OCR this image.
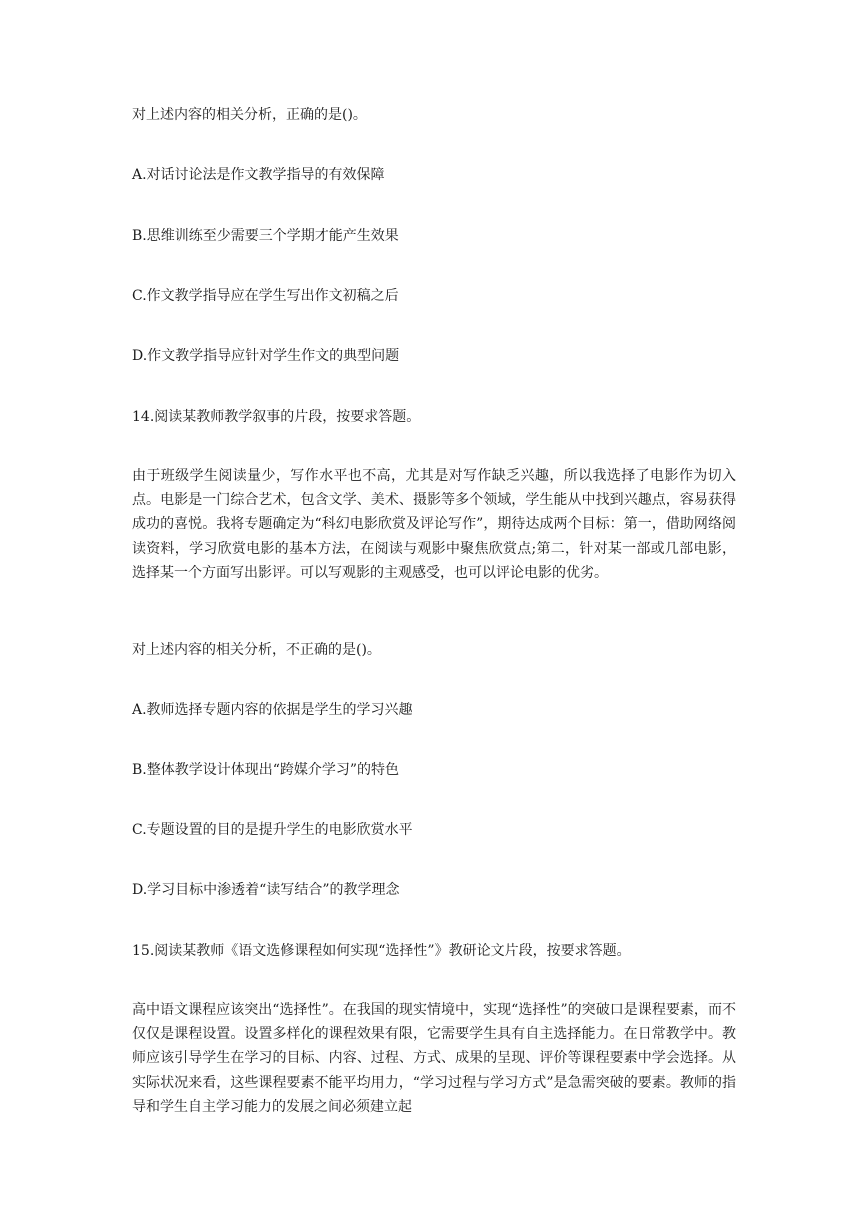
对上述内容的相关分析，正确的是()。

A.对话讨论法是作文教学指导的有效保障

B.思维训练至少需要三个学期才能产生效果

C.作文教学指导应在学生写出作文初稿之后

D.作文教学指导应针对学生作文的典型问题

14.阅读某教师教学叙事的片段，按要求答题。

由于班级学生阅读量少，写作水平也不高，尤其是对写作缺乏兴趣，所以我选择了电影作为切入点。电影是一门综合艺术，包含文学、美术、摄影等多个领域，学生能从中找到兴趣点，容易获得成功的喜悦。我将专题确定为“科幻电影欣赏及评论写作”，期待达成两个目标：第一，借助网络阅读资料，学习欣赏电影的基本方法，在阅读与观影中聚焦欣赏点;第二，针对某一部或几部电影，选择某一个方面写出影评。可以写观影的主观感受，也可以评论电影的优劣。

对上述内容的相关分析，不正确的是()。

A.教师选择专题内容的依据是学生的学习兴趣

B.整体教学设计体现出“跨媒介学习”的特色

C.专题设置的目的是提升学生的电影欣赏水平

D.学习目标中渗透着“读写结合”的教学理念

15.阅读某教师《语文选修课程如何实现“选择性”》教研论文片段，按要求答题。

高中语文课程应该突出“选择性”。在我国的现实情境中，实现“选择性”的突破口是课程要素，而不仅仅是课程设置。设置多样化的课程效果有限，它需要学生具有自主选择能力。在日常教学中。教师应该引导学生在学习的目标、内容、过程、方式、成果的呈现、评价等课程要素中学会选择。从实际状况来看，这些课程要素不能平均用力，“学习过程与学习方式”是急需突破的要素。教师的指导和学生自主学习能力的发展之间必须建立起
